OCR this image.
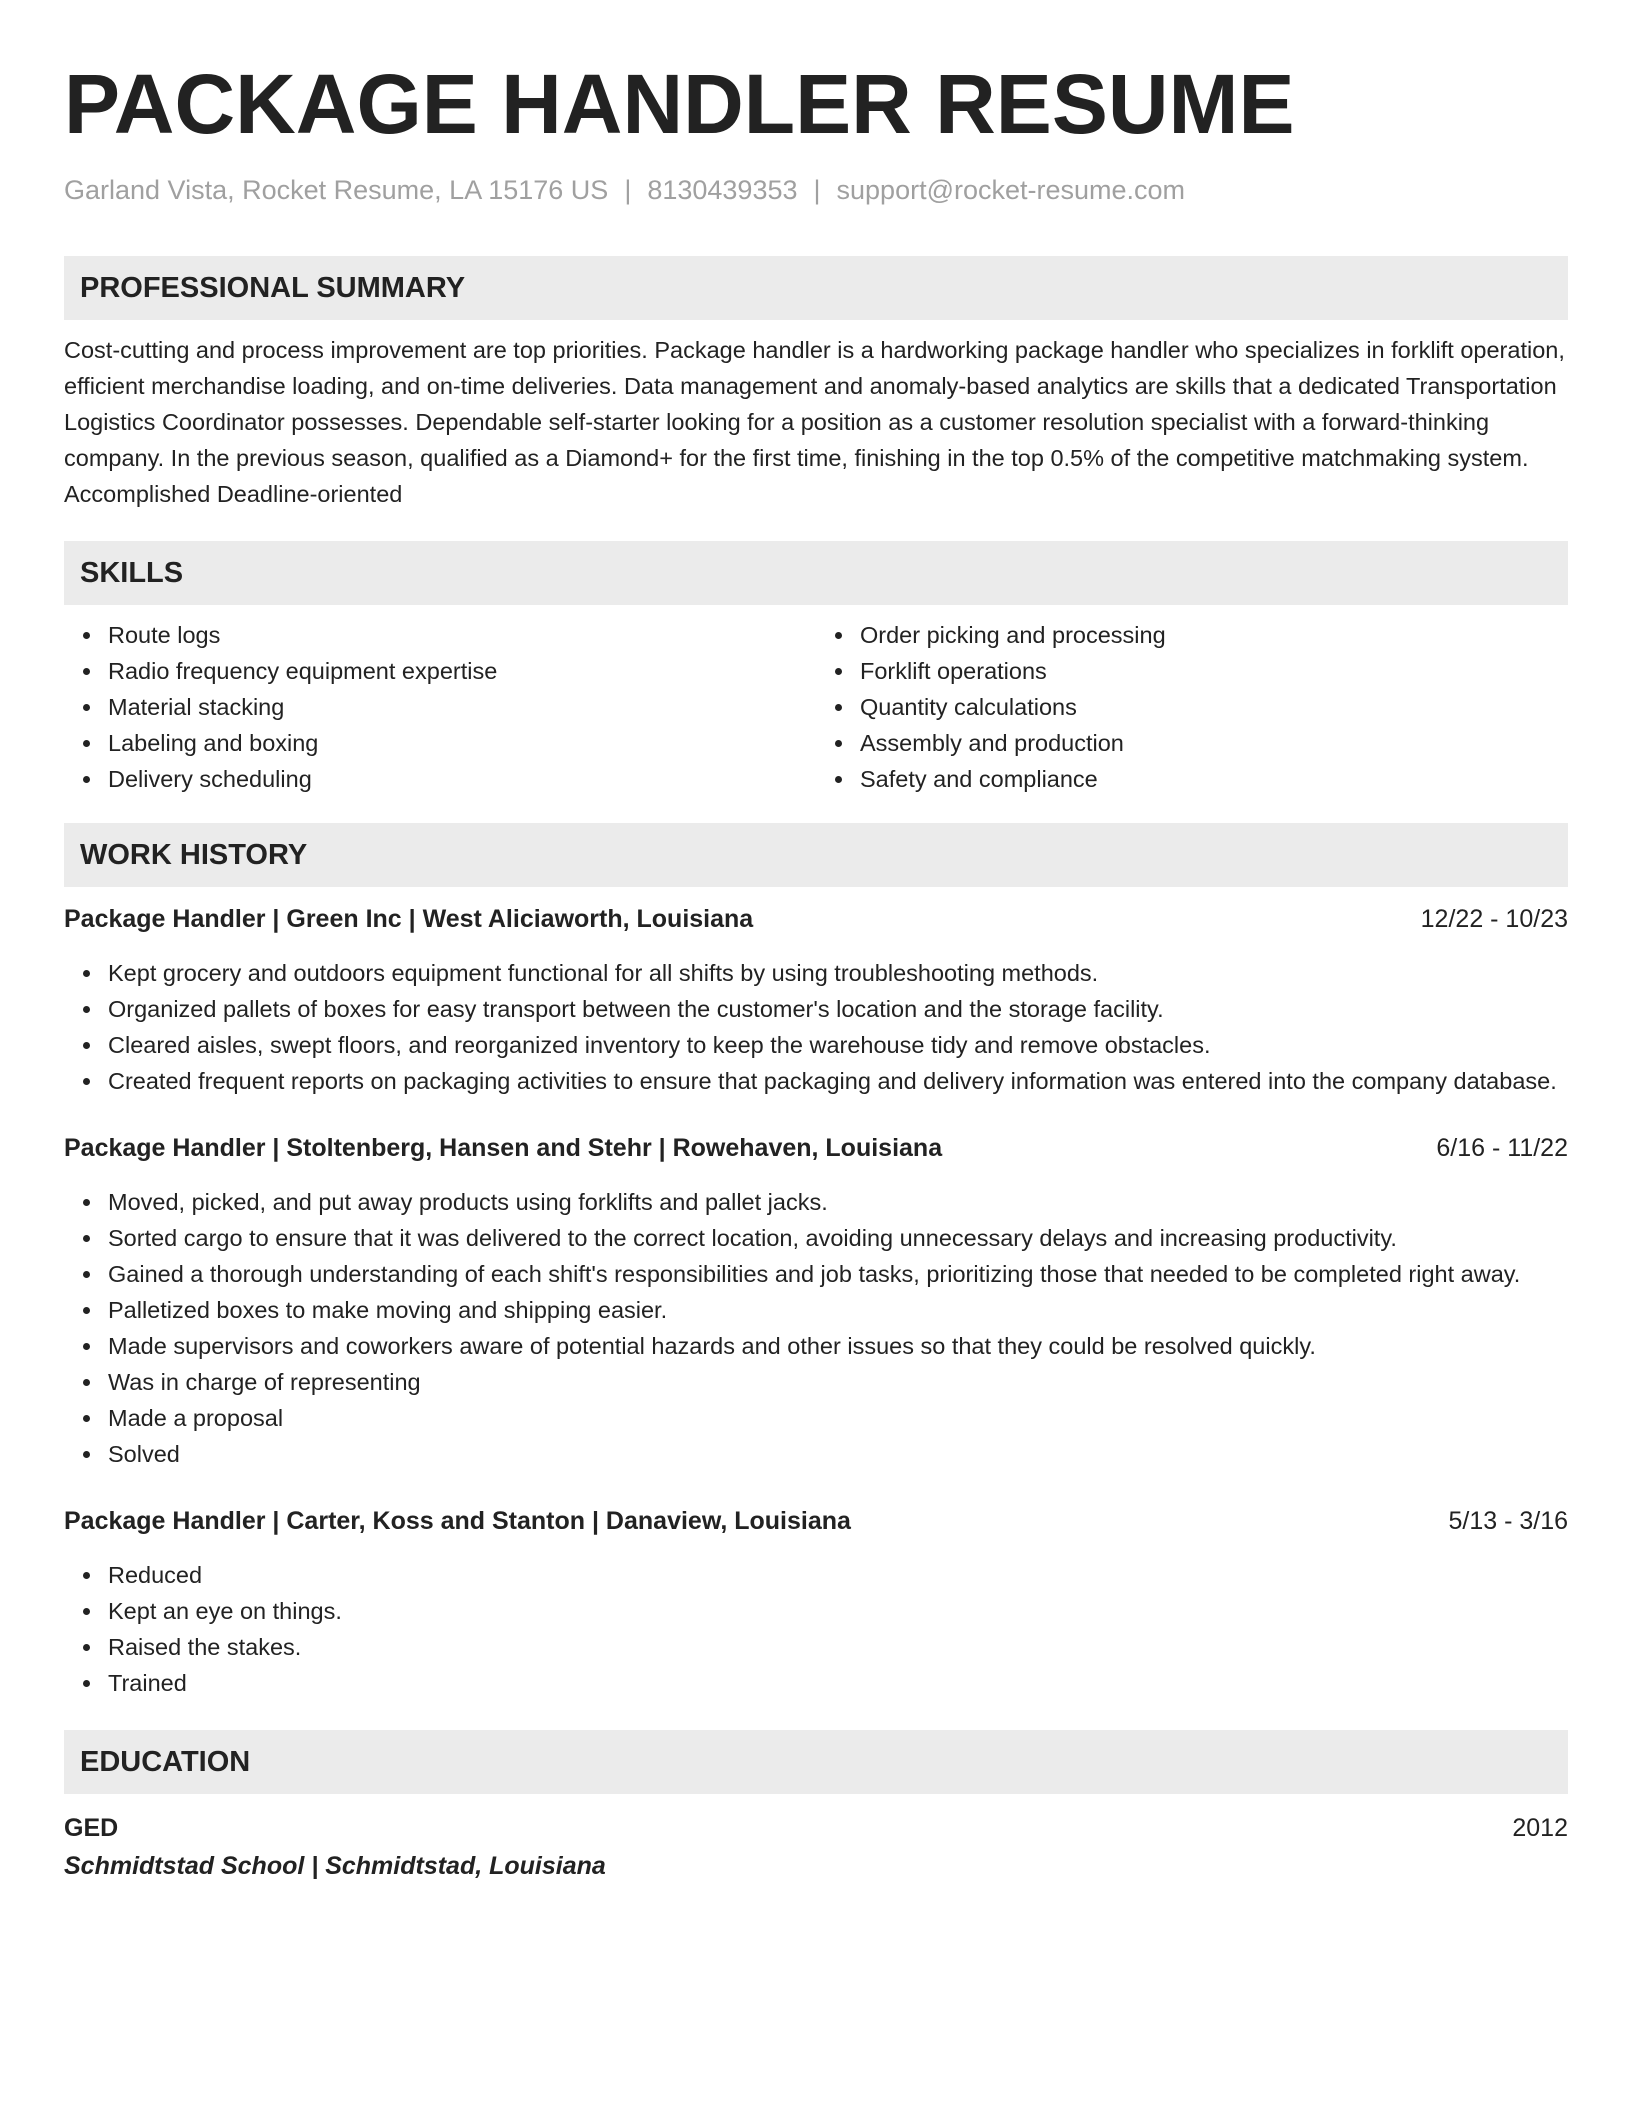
PACKAGE HANDLER RESUME
Garland Vista, Rocket Resume, LA 15176 US | 8130439353 | support@rocket-resume.com
PROFESSIONAL SUMMARY
Cost-cutting and process improvement are top priorities. Package handler is a hardworking package handler who specializes in forklift operation, efficient merchandise loading, and on-time deliveries. Data management and anomaly-based analytics are skills that a dedicated Transportation Logistics Coordinator possesses. Dependable self-starter looking for a position as a customer resolution specialist with a forward-thinking company. In the previous season, qualified as a Diamond+ for the first time, finishing in the top 0.5% of the competitive matchmaking system. Accomplished Deadline-oriented
SKILLS
Route logs
Radio frequency equipment expertise
Material stacking
Labeling and boxing
Delivery scheduling
Order picking and processing
Forklift operations
Quantity calculations
Assembly and production
Safety and compliance
WORK HISTORY
Package Handler | Green Inc | West Aliciaworth, Louisiana	12/22 - 10/23
Kept grocery and outdoors equipment functional for all shifts by using troubleshooting methods.
Organized pallets of boxes for easy transport between the customer's location and the storage facility.
Cleared aisles, swept floors, and reorganized inventory to keep the warehouse tidy and remove obstacles.
Created frequent reports on packaging activities to ensure that packaging and delivery information was entered into the company database.
Package Handler | Stoltenberg, Hansen and Stehr | Rowehaven, Louisiana	6/16 - 11/22
Moved, picked, and put away products using forklifts and pallet jacks.
Sorted cargo to ensure that it was delivered to the correct location, avoiding unnecessary delays and increasing productivity.
Gained a thorough understanding of each shift's responsibilities and job tasks, prioritizing those that needed to be completed right away.
Palletized boxes to make moving and shipping easier.
Made supervisors and coworkers aware of potential hazards and other issues so that they could be resolved quickly.
Was in charge of representing
Made a proposal
Solved
Package Handler | Carter, Koss and Stanton | Danaview, Louisiana	5/13 - 3/16
Reduced
Kept an eye on things.
Raised the stakes.
Trained
EDUCATION
GED	2012
Schmidtstad School | Schmidtstad, Louisiana
